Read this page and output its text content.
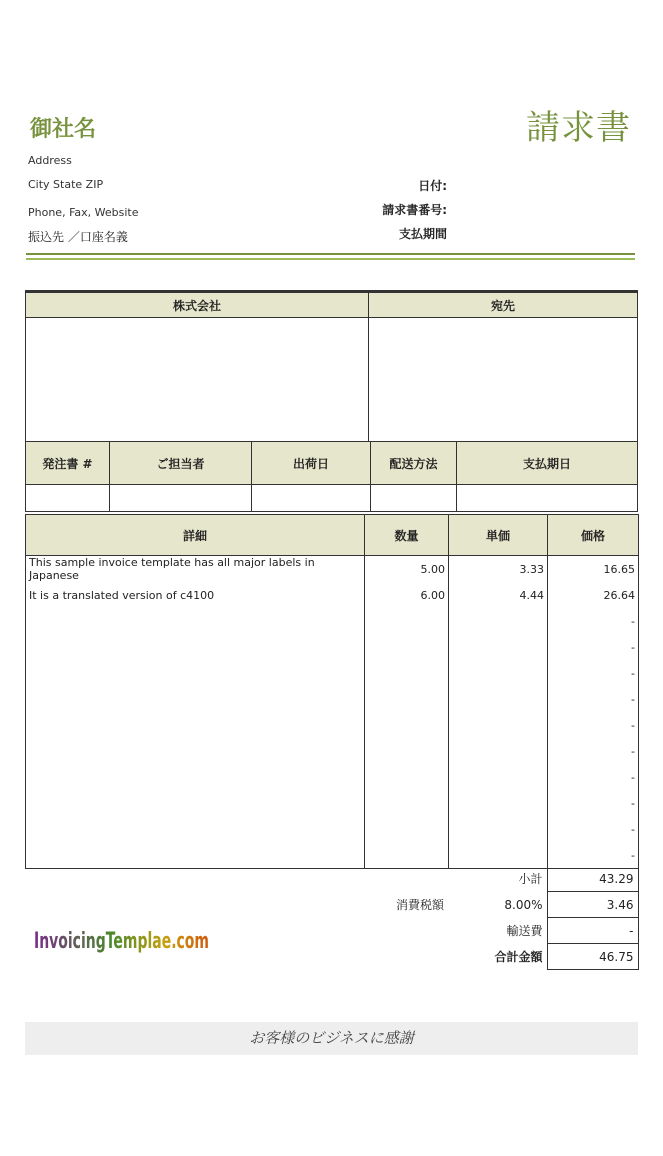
御社名	請求書
Address
City State ZIP
Phone, Fax, Website
振込先 ／口座名義
日付:
請求書番号:
支払期間
株式会社	宛先

発注書 #	ご担当者	出荷日	配送方法	支払期日

詳細	数量	単価	価格
This sample invoice template has all major labels in Japanese	5.00	3.33	16.65
It is a translated version of c4100	6.00	4.44	26.64
			-
			-
			-
			-
			-
			-
			-
			-
			-
			-
		小計	43.29
	消費税額	8.00%	3.46
		輸送費	-
		合計金額	46.75
InvoicingTemplae.com
お客様のビジネスに感謝
